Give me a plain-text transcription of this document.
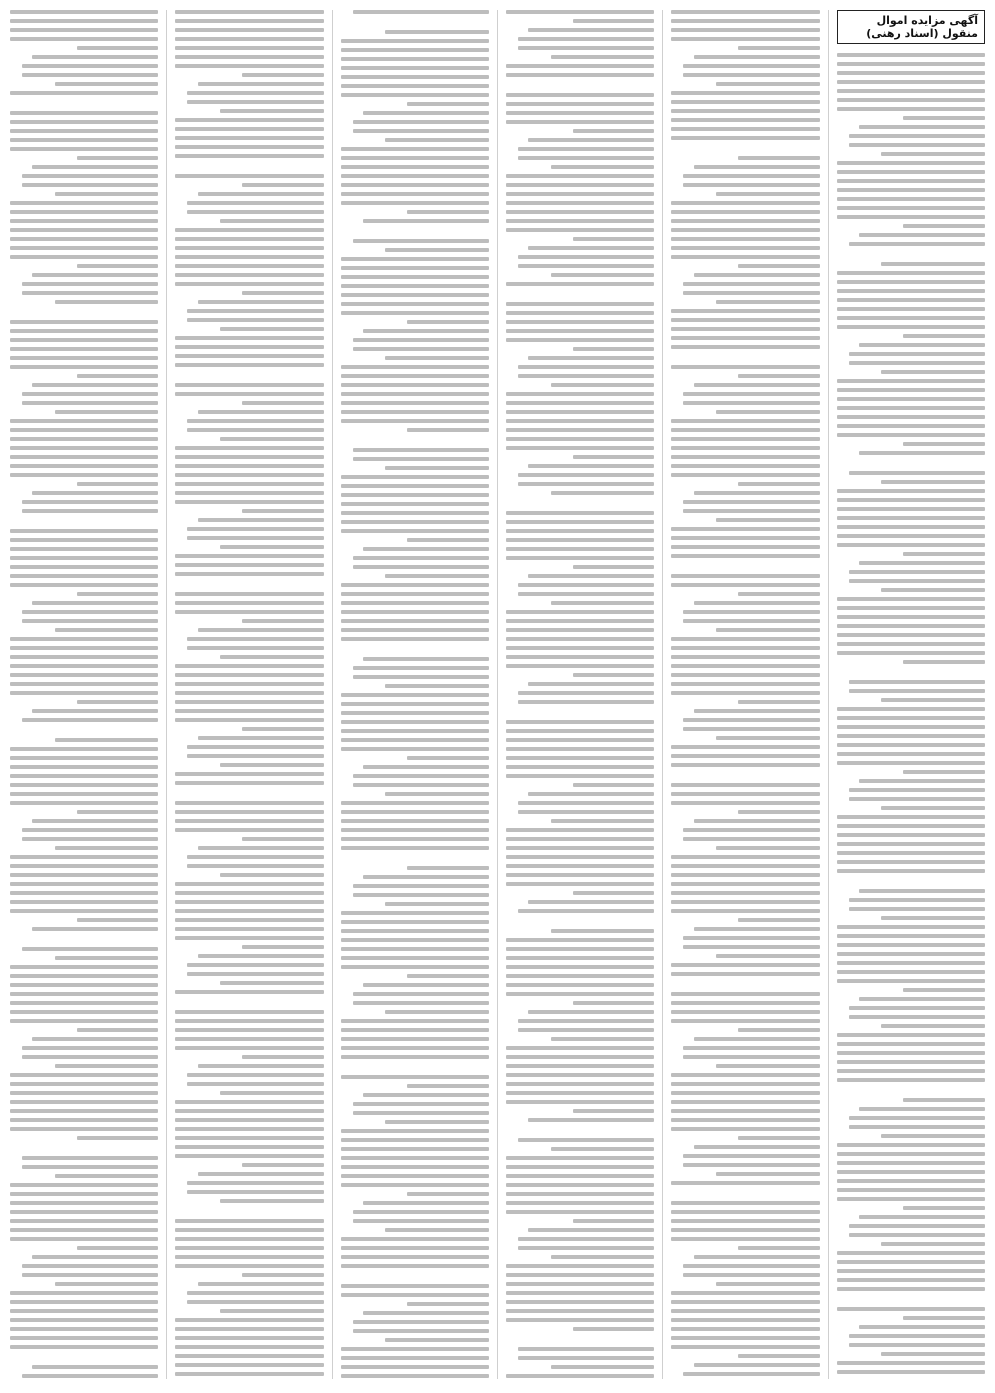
آگهی مزایده اموال منقول (اسناد رهنی)
